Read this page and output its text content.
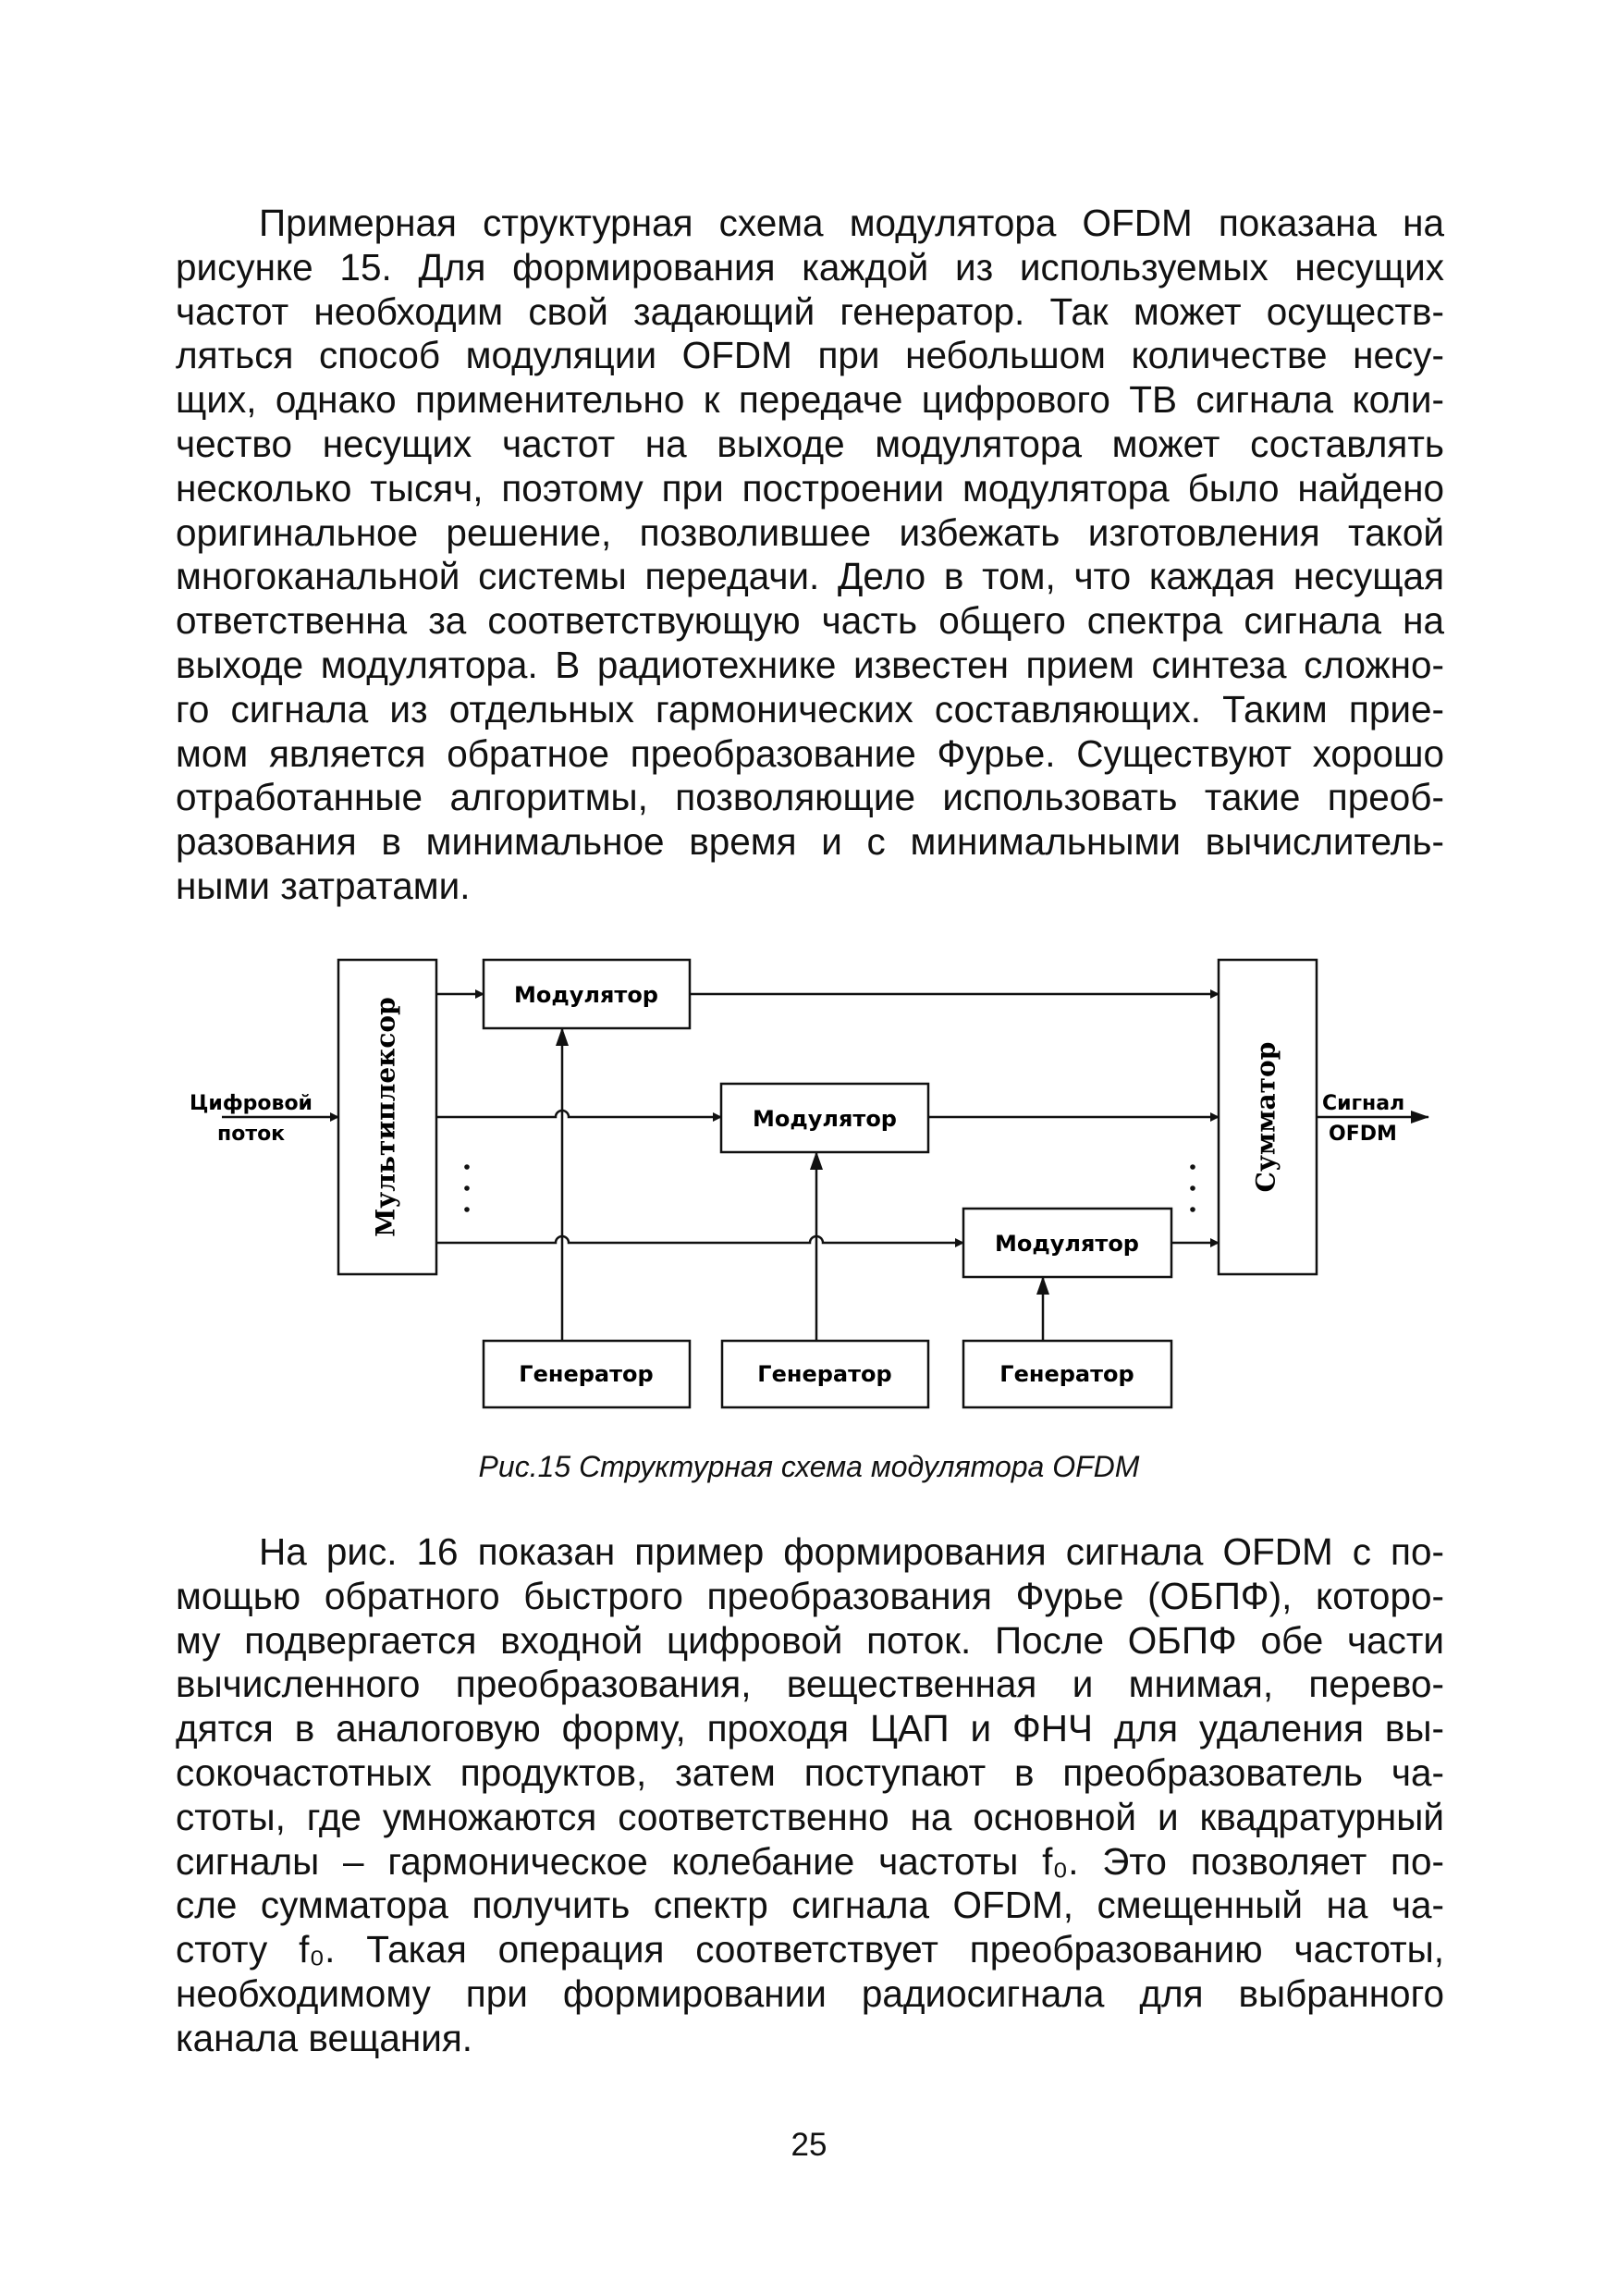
Примерная структурная схема модулятора OFDM показана на
рисунке 15. Для формирования каждой из используемых несущих
частот необходим свой задающий генератор. Так может осуществ-
ляться способ модуляции OFDM при небольшом количестве несу-
щих, однако применительно к передаче цифрового ТВ сигнала коли-
чество несущих частот на выходе модулятора может составлять
несколько тысяч, поэтому при построении модулятора было найдено
оригинальное решение, позволившее избежать изготовления такой
многоканальной системы передачи. Дело в том, что каждая несущая
ответственна за соответствующую часть общего спектра сигнала на
выходе модулятора. В радиотехнике известен прием синтеза сложно-
го сигнала из отдельных гармонических составляющих. Таким прие-
мом является обратное преобразование Фурье. Существуют хорошо
отработанные алгоритмы, позволяющие использовать такие преоб-
разования в минимальное время и с минимальными вычислитель-
ными затратами.
Модулятор
Модулятор
Модулятор
Генератор	Генератор	Генератор
Мультиплексор	Сумматор
Цифровой
поток
Сигнал
OFDM
Рис.15 Структурная схема модулятора OFDM
На рис. 16 показан пример формирования сигнала OFDM с по-
мощью обратного быстрого преобразования Фурье (ОБПФ), которо-
му подвергается входной цифровой поток. После ОБПФ обе части
вычисленного преобразования, вещественная и мнимая, перево-
дятся в аналоговую форму, проходя ЦАП и ФНЧ для удаления вы-
сокочастотных продуктов, затем поступают в преобразователь ча-
стоты, где умножаются соответственно на основной и квадратурный
сигналы – гармоническое колебание частоты f₀. Это позволяет по-
сле сумматора получить спектр сигнала OFDM, смещенный на ча-
стоту f₀. Такая операция соответствует преобразованию частоты,
необходимому при формировании радиосигнала для выбранного
канала вещания.
25
